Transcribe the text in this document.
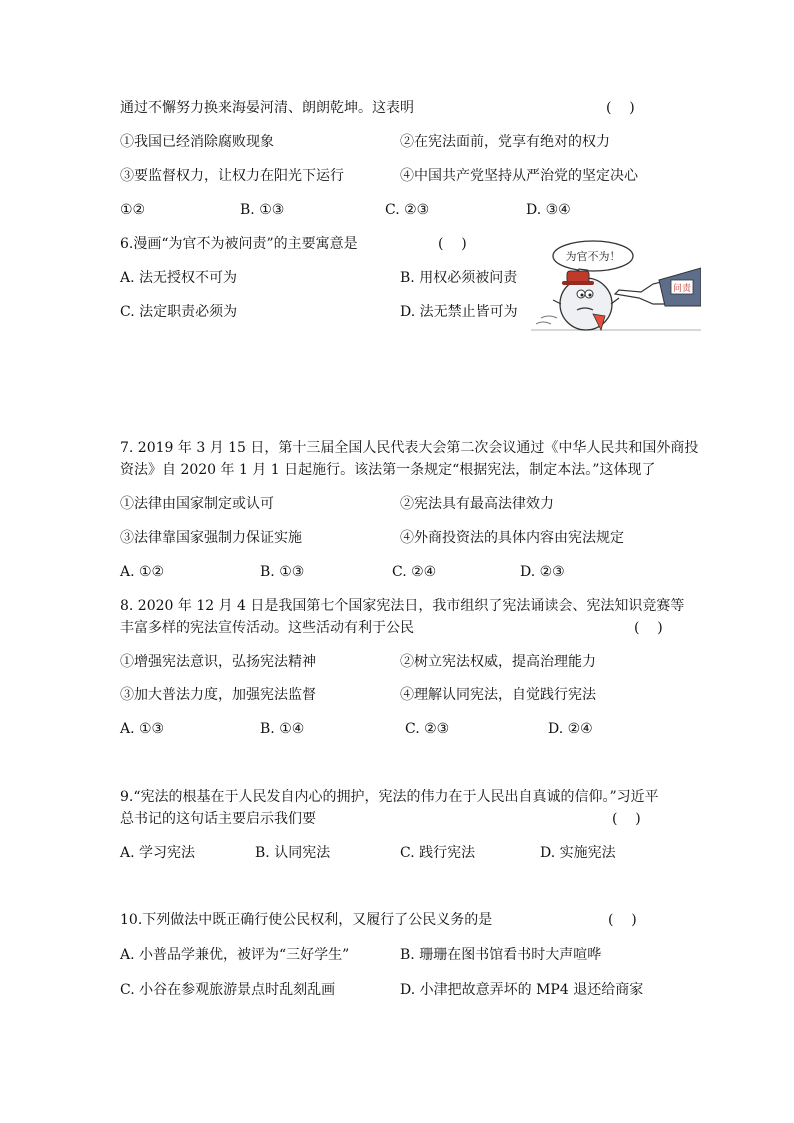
通过不懈努力换来海晏河清、朗朗乾坤。这表明	(    )
①我国已经消除腐败现象	②在宪法面前，党享有绝对的权力
③要监督权力，让权力在阳光下运行	④中国共产党坚持从严治党的坚定决心
①②	B. ①③	C. ②③	D. ③④
6.漫画“为官不为被问责”的主要寓意是	(    )
A. 法无授权不可为	B. 用权必须被问责
C. 法定职责必须为	D. 法无禁止皆可为
为官不为！
问责
7. 2019 年 3 月 15 日，第十三届全国人民代表大会第二次会议通过《中华人民共和国外商投
资法》自 2020 年 1 月 1 日起施行。该法第一条规定“根据宪法，制定本法。”这体现了
①法律由国家制定或认可	②宪法具有最高法律效力
③法律靠国家强制力保证实施	④外商投资法的具体内容由宪法规定
A. ①②	B. ①③	C. ②④	D. ②③
8. 2020 年 12 月 4 日是我国第七个国家宪法日，我市组织了宪法诵读会、宪法知识竞赛等
丰富多样的宪法宣传活动。这些活动有利于公民	(    )
①增强宪法意识，弘扬宪法精神	②树立宪法权威，提高治理能力
③加大普法力度，加强宪法监督	④理解认同宪法，自觉践行宪法
A. ①③	B. ①④	C. ②③	D. ②④
9.“宪法的根基在于人民发自内心的拥护，宪法的伟力在于人民出自真诚的信仰。”习近平
总书记的这句话主要启示我们要	(    )
A. 学习宪法	B. 认同宪法	C. 践行宪法	D. 实施宪法
10.下列做法中既正确行使公民权利，又履行了公民义务的是	(    )
A. 小普品学兼优，被评为“三好学生”	B. 珊珊在图书馆看书时大声喧哗
C. 小谷在参观旅游景点时乱刻乱画	D. 小津把故意弄坏的 MP4 退还给商家
